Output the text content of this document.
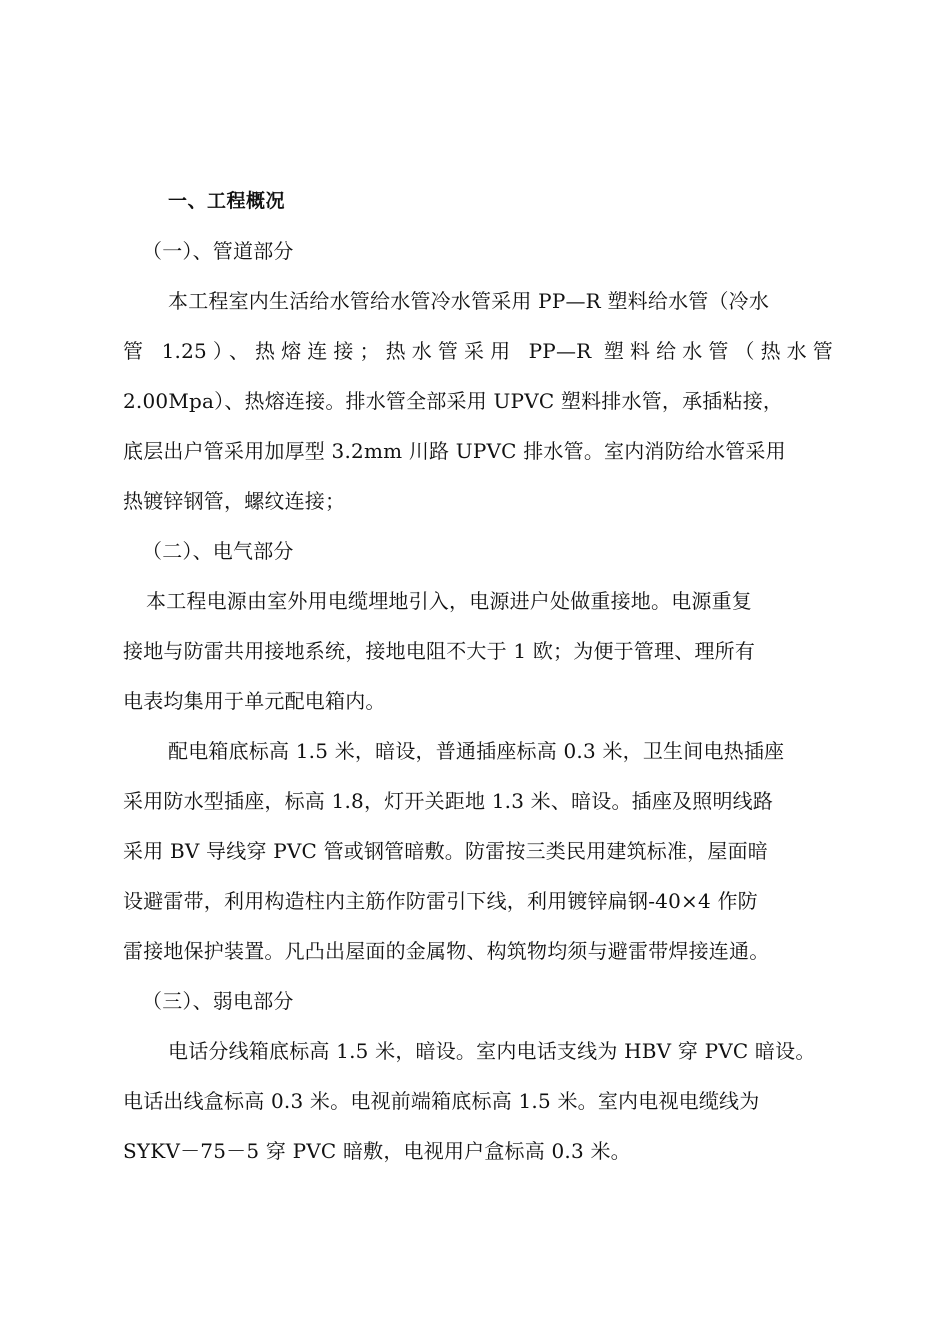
一、工程概况
（一）、管道部分
本工程室内生活给水管给水管冷水管采用 PP—R 塑料给水管（冷水
管 1.25）、热熔连接；热水管采用 PP—R 塑料给水管（热水管
2.00Mpa）、热熔连接。排水管全部采用 UPVC 塑料排水管，承插粘接，
底层出户管采用加厚型 3.2mm 川路 UPVC 排水管。室内消防给水管采用
热镀锌钢管，螺纹连接；
（二）、电气部分
本工程电源由室外用电缆埋地引入，电源进户处做重接地。电源重复
接地与防雷共用接地系统，接地电阻不大于 1 欧；为便于管理、理所有
电表均集用于单元配电箱内。
配电箱底标高 1.5 米，暗设，普通插座标高 0.3 米，卫生间电热插座
采用防水型插座，标高 1.8，灯开关距地 1.3 米、暗设。插座及照明线路
采用 BV 导线穿 PVC 管或钢管暗敷。防雷按三类民用建筑标准，屋面暗
设避雷带，利用构造柱内主筋作防雷引下线，利用镀锌扁钢-40×4 作防
雷接地保护装置。凡凸出屋面的金属物、构筑物均须与避雷带焊接连通。
（三）、弱电部分
电话分线箱底标高 1.5 米，暗设。室内电话支线为 HBV 穿 PVC 暗设。
电话出线盒标高 0.3 米。电视前端箱底标高 1.5 米。室内电视电缆线为
SYKV－75－5 穿 PVC 暗敷，电视用户盒标高 0.3 米。
